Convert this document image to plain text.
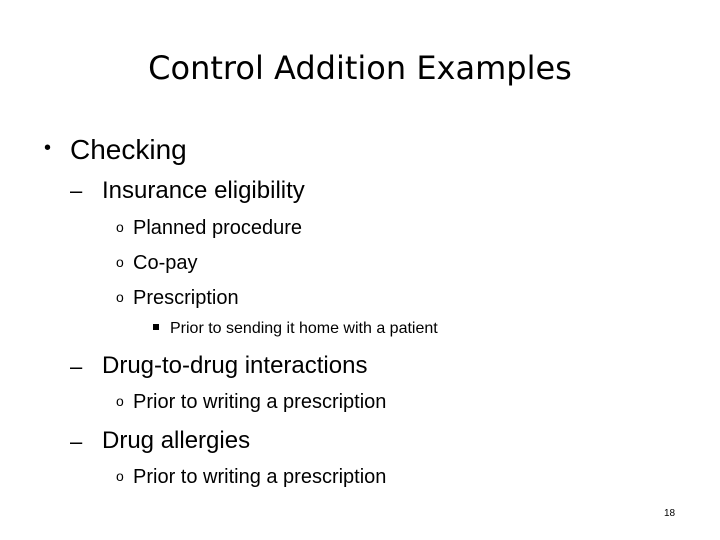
Control Addition Examples
• Checking
– Insurance eligibility
o Planned procedure
o Co-pay
o Prescription
Prior to sending it home with a patient
– Drug-to-drug interactions
o Prior to writing a prescription
– Drug allergies
o Prior to writing a prescription
18
